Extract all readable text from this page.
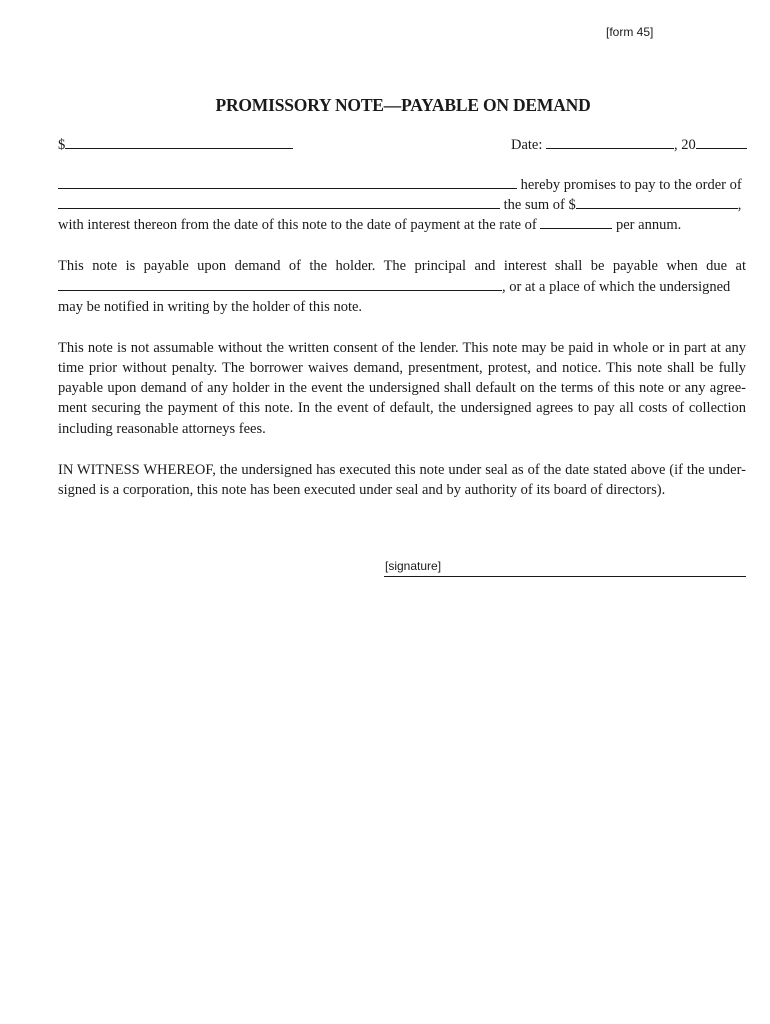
[form 45]
PROMISSORY NOTE—PAYABLE ON DEMAND
$	Date:	, 20
hereby promises to pay to the order of
the sum of $	,
with interest thereon from the date of this note to the date of payment at the rate of	per annum.
This note is payable upon demand of the holder. The principal and interest shall be payable when due at
, or at a place of which the undersigned
may be notified in writing by the holder of this note.
This note is not assumable without the written consent of the lender. This note may be paid in whole or in part at any
time prior without penalty. The borrower waives demand, presentment, protest, and notice. This note shall be fully
payable upon demand of any holder in the event the undersigned shall default on the terms of this note or any agree-
ment securing the payment of this note. In the event of default, the undersigned agrees to pay all costs of collection
including reasonable attorneys fees.
IN WITNESS WHEREOF, the undersigned has executed this note under seal as of the date stated above (if the under-
signed is a corporation, this note has been executed under seal and by authority of its board of directors).
[signature]
